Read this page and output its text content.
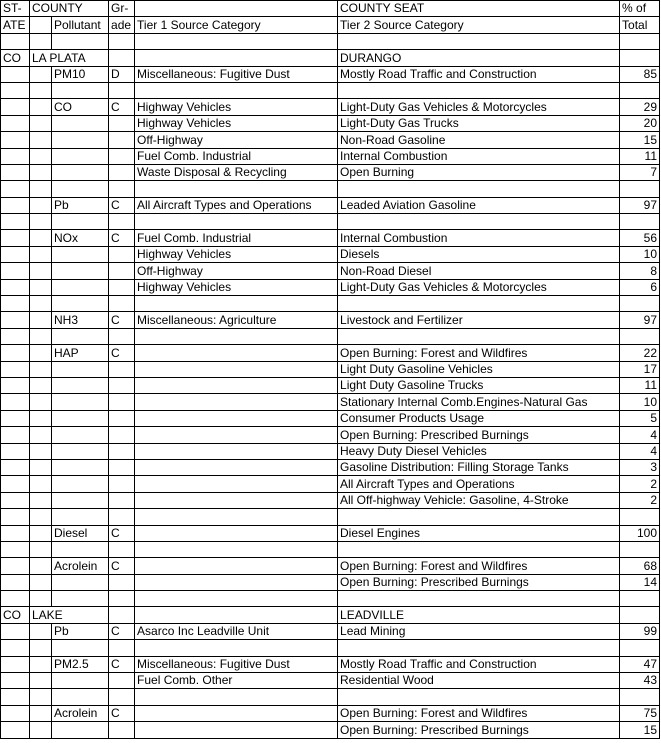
ST-	COUNTY		Gr-		COUNTY SEAT	% of
ATE		Pollutant	ade	Tier 1 Source Category	Tier 2 Source Category	Total

CO	LA PLATA				DURANGO	
		PM10	D	Miscellaneous: Fugitive Dust	Mostly Road Traffic and Construction	85

		CO	C	Highway Vehicles	Light-Duty Gas Vehicles & Motorcycles	29
				Highway Vehicles	Light-Duty Gas Trucks	20
				Off-Highway	Non-Road Gasoline	15
				Fuel Comb. Industrial	Internal Combustion	11
				Waste Disposal & Recycling	Open Burning	7

		Pb	C	All Aircraft Types and Operations	Leaded Aviation Gasoline	97

		NOx	C	Fuel Comb. Industrial	Internal Combustion	56
				Highway Vehicles	Diesels	10
				Off-Highway	Non-Road Diesel	8
				Highway Vehicles	Light-Duty Gas Vehicles & Motorcycles	6

		NH3	C	Miscellaneous: Agriculture	Livestock and Fertilizer	97

		HAP	C		Open Burning: Forest and Wildfires	22
					Light Duty Gasoline Vehicles	17
					Light Duty Gasoline Trucks	11
					Stationary Internal Comb.Engines-Natural Gas	10
					Consumer Products Usage	5
					Open Burning: Prescribed Burnings	4
					Heavy Duty Diesel Vehicles	4
					Gasoline Distribution: Filling Storage Tanks	3
					All Aircraft Types and Operations	2
					All Off-highway Vehicle: Gasoline, 4-Stroke	2

		Diesel	C		Diesel Engines	100

		Acrolein	C		Open Burning: Forest and Wildfires	68
					Open Burning: Prescribed Burnings	14

CO	LAKE				LEADVILLE	
		Pb	C	Asarco Inc Leadville Unit	Lead Mining	99

		PM2.5	C	Miscellaneous: Fugitive Dust	Mostly Road Traffic and Construction	47
				Fuel Comb. Other	Residential Wood	43

		Acrolein	C		Open Burning: Forest and Wildfires	75
					Open Burning: Prescribed Burnings	15
